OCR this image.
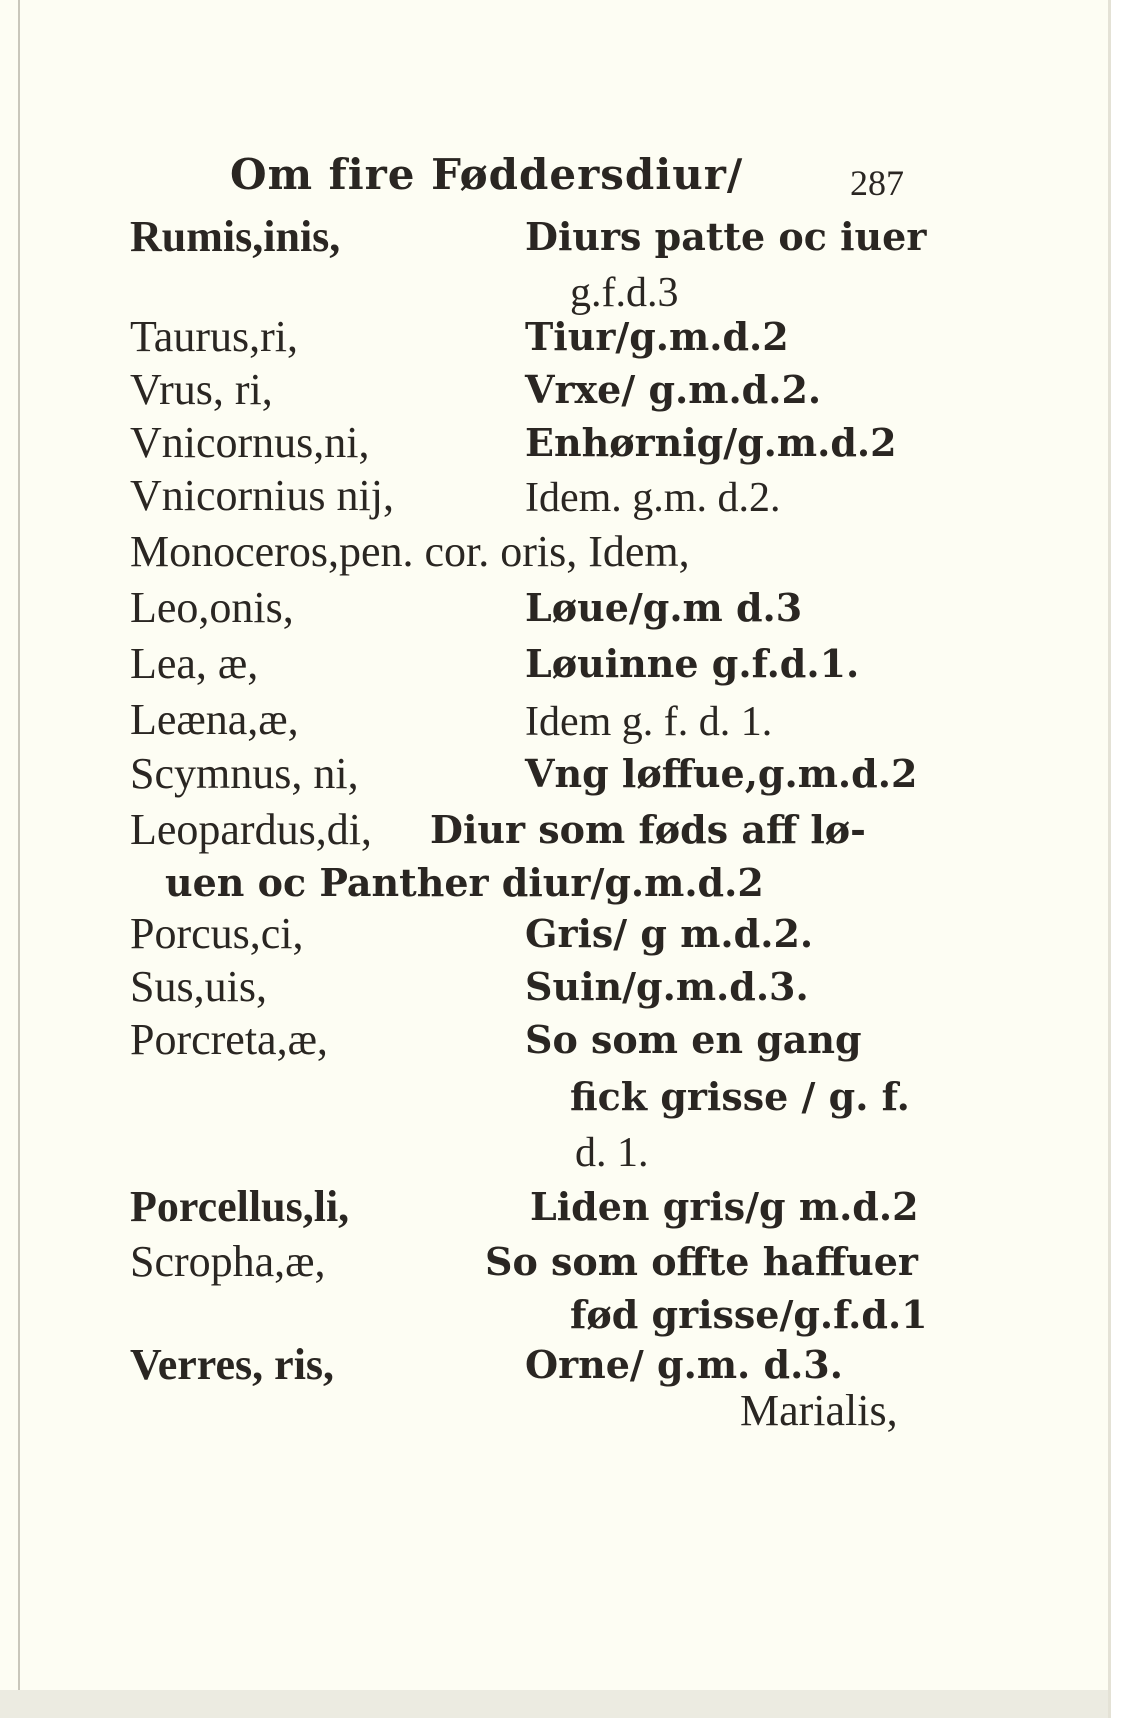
Om fire Føddersdiur/	287
Rumis,inis,	Diurs patte oc iuer
g.f.d.3
Taurus,ri,	Tiur/g.m.d.2
Vrus, ri,	Vrxe/ g.m.d.2.
Vnicornus,ni,	Enhørnig/g.m.d.2
Vnicornius nij,	Idem. g.m. d.2.
Monoceros,pen. cor. oris, Idem,
Leo,onis,	Løue/g.m d.3
Lea, æ,	Løuinne g.f.d.1.
Leæna,æ,	Idem g. f. d. 1.
Scymnus, ni,	Vng løffue,g.m.d.2
Leopardus,di, Diur som føds aff lø-
uen oc Panther diur/g.m.d.2
Porcus,ci,	Gris/ g m.d.2.
Sus,uis,	Suin/g.m.d.3.
Porcreta,æ,	So som en gang
fick grisse / g. f.
d. 1.
Porcellus,li,	Liden gris/g m.d.2
Scropha,æ,	So som offte haffuer
fød grisse/g.f.d.1
Verres, ris,	Orne/ g.m. d.3.
Marialis,
